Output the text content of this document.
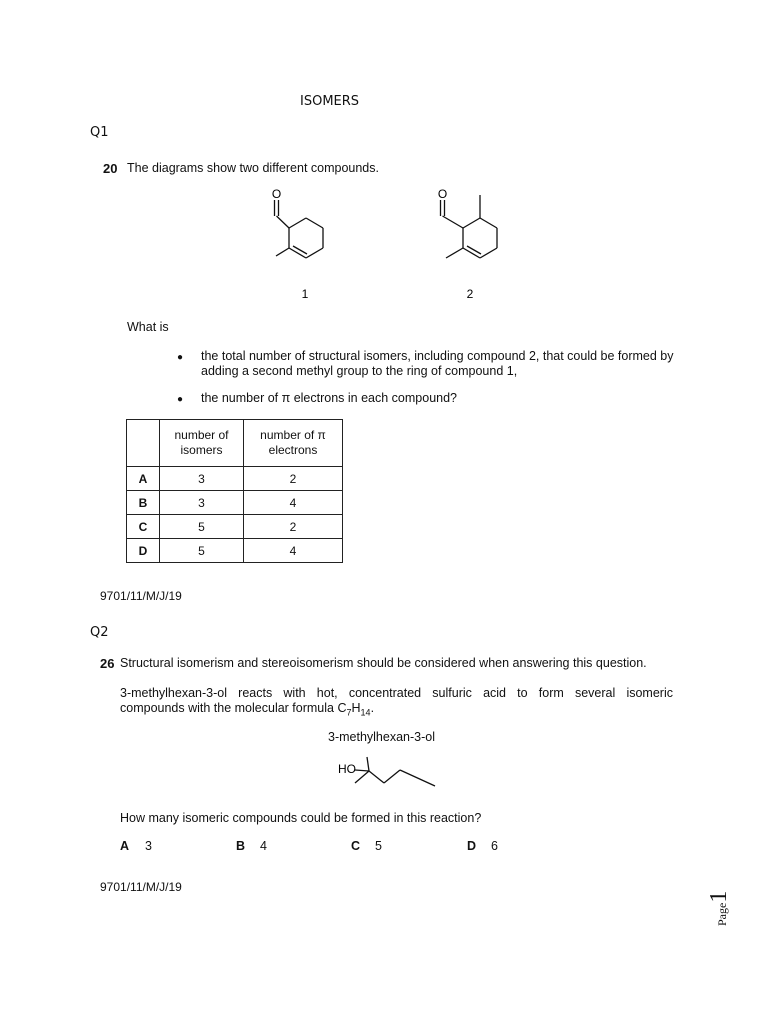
ISOMERS
Q1
20 The diagrams show two different compounds.
O	O
1	2
What is
● the total number of structural isomers, including compound 2, that could be formed by adding a second methyl group to the ring of compound 1,
● the number of π electrons in each compound?
	number of isomers	number of π electrons
A	3	2
B	3	4
C	5	2
D	5	4
9701/11/M/J/19
Q2
26 Structural isomerism and stereoisomerism should be considered when answering this question.
3-methylhexan-3-ol reacts with hot, concentrated sulfuric acid to form several isomeric
compounds with the molecular formula $C_7H_{14}$.
3-methylhexan-3-ol
HO
How many isomeric compounds could be formed in this reaction?
A 3	B 4	C 5	D 6
9701/11/M/J/19
Page1
